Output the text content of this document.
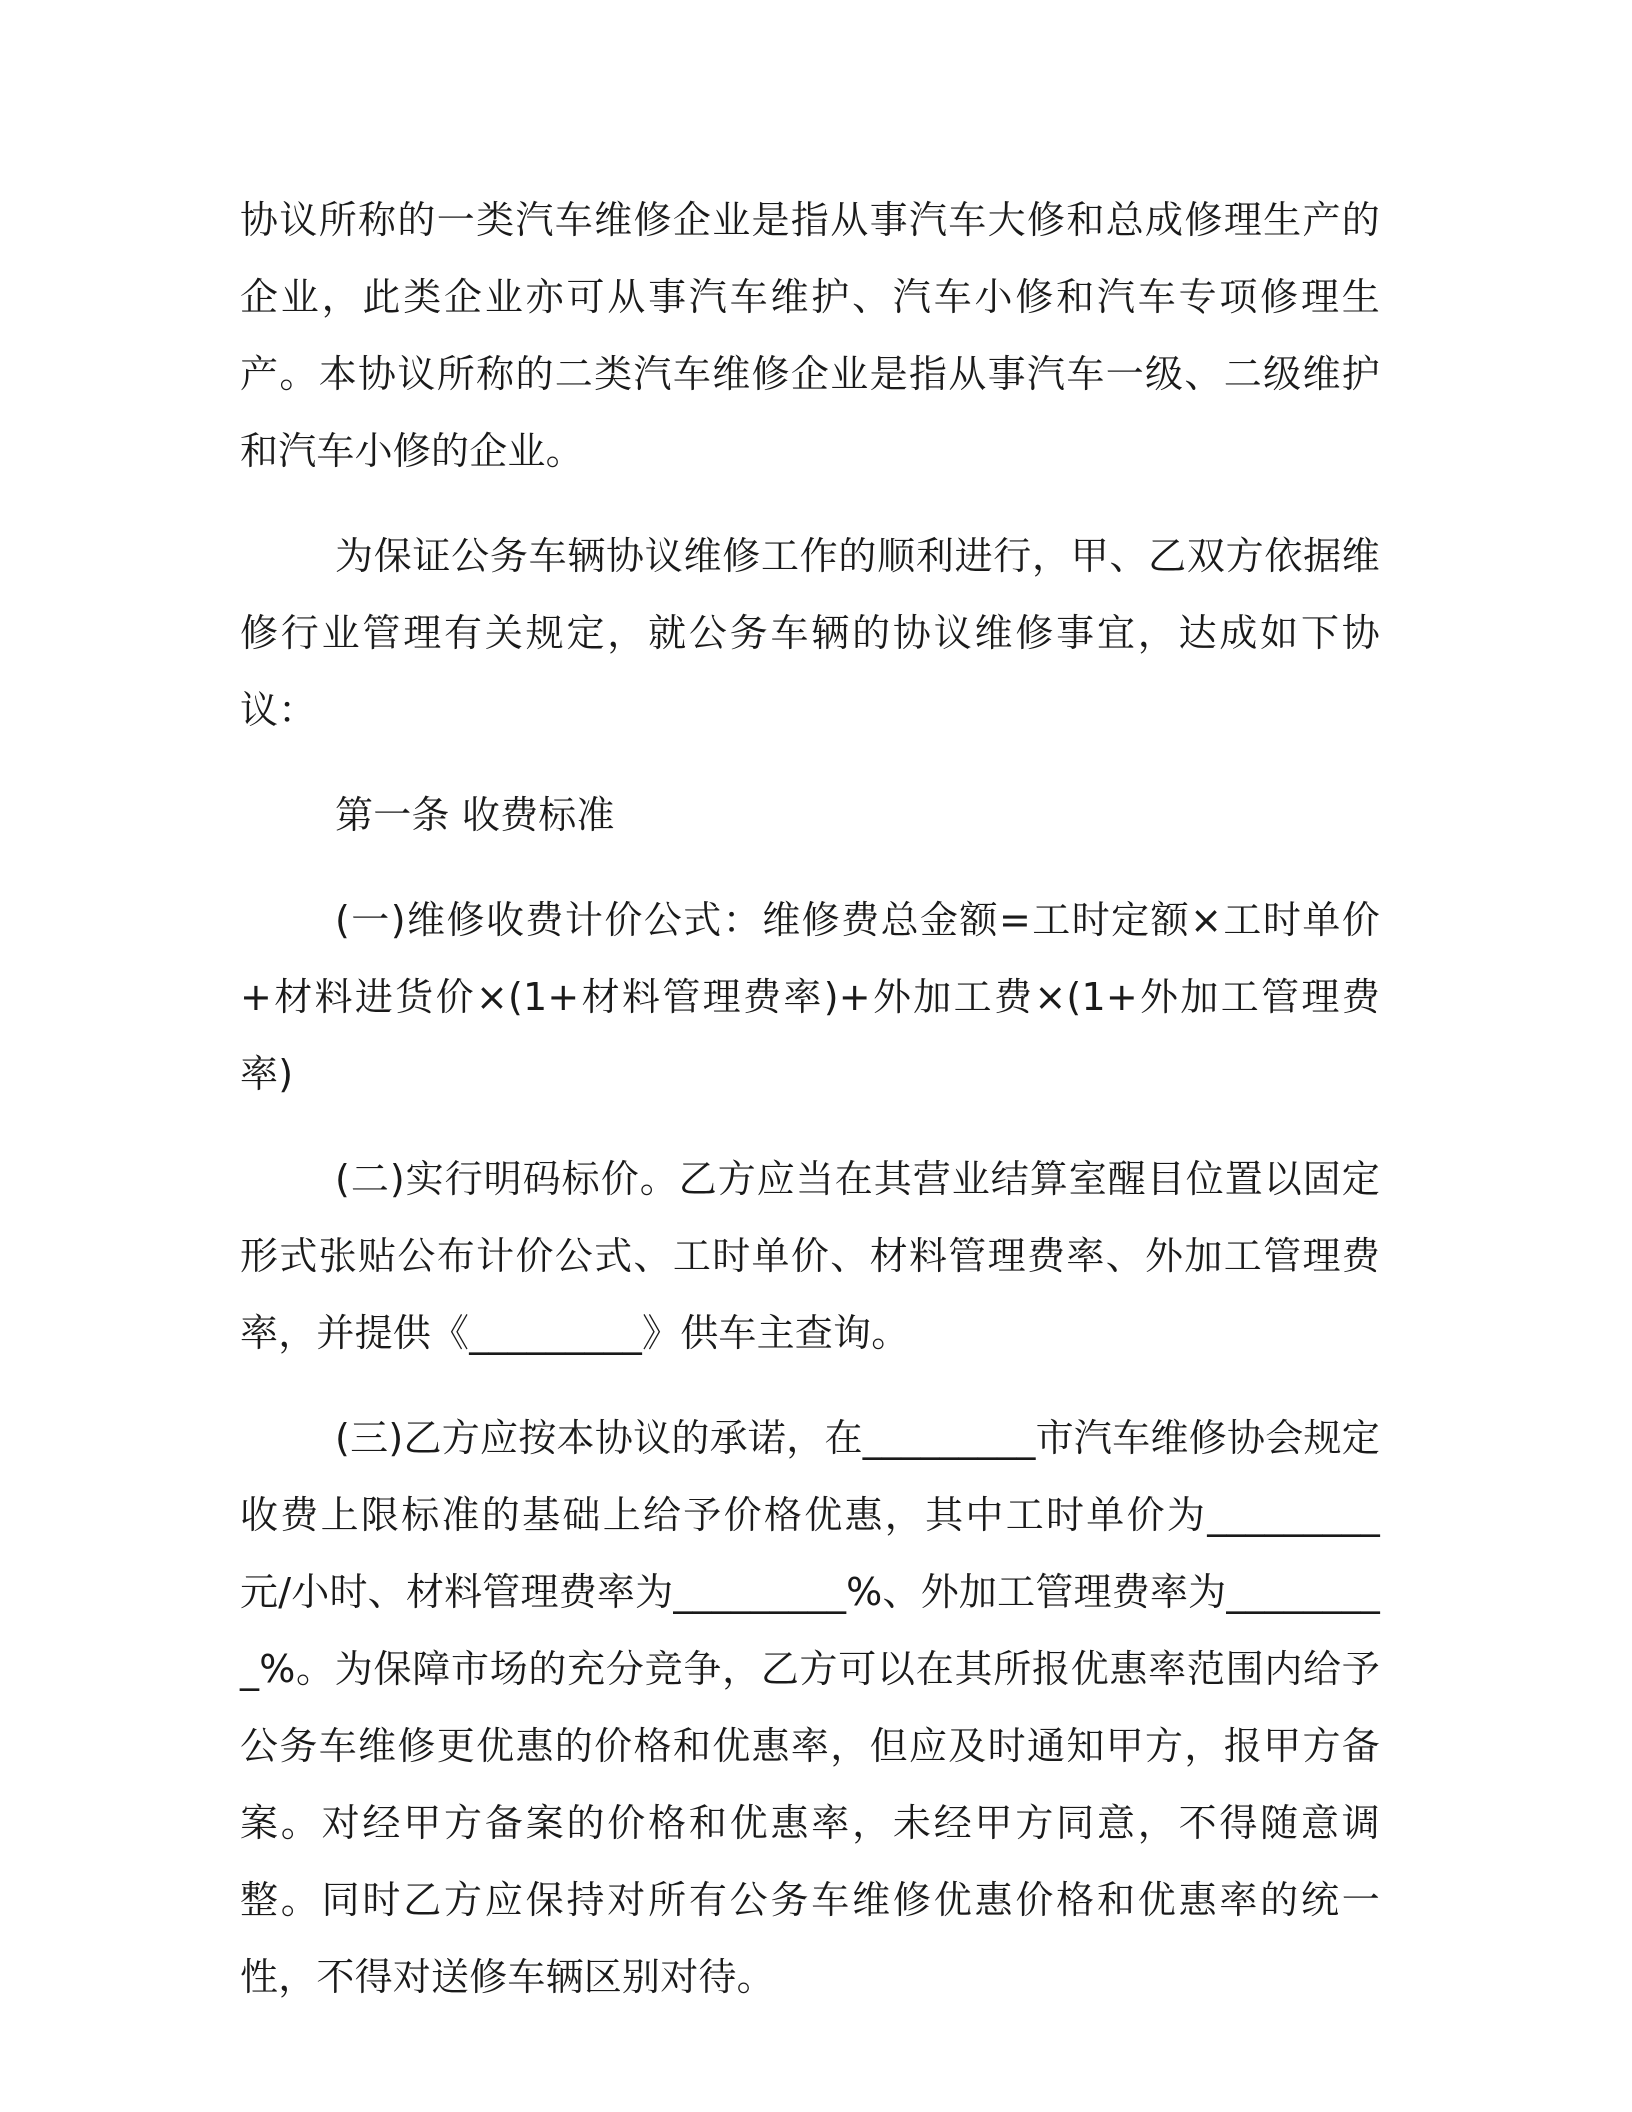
协议所称的一类汽车维修企业是指从事汽车大修和总成修理生产的企业，此类企业亦可从事汽车维护、汽车小修和汽车专项修理生产。本协议所称的二类汽车维修企业是指从事汽车一级、二级维护和汽车小修的企业。

为保证公务车辆协议维修工作的顺利进行，甲、乙双方依据维修行业管理有关规定，就公务车辆的协议维修事宜，达成如下协议：

第一条 收费标准

(一)维修收费计价公式：维修费总金额=工时定额×工时单价+材料进货价×(1+材料管理费率)+外加工费×(1+外加工管理费率)

(二)实行明码标价。乙方应当在其营业结算室醒目位置以固定形式张贴公布计价公式、工时单价、材料管理费率、外加工管理费率，并提供《_________》供车主查询。

(三)乙方应按本协议的承诺，在_________市汽车维修协会规定收费上限标准的基础上给予价格优惠，其中工时单价为_________元/小时、材料管理费率为_________%、外加工管理费率为_________%。为保障市场的充分竞争，乙方可以在其所报优惠率范围内给予公务车维修更优惠的价格和优惠率，但应及时通知甲方，报甲方备案。对经甲方备案的价格和优惠率，未经甲方同意，不得随意调整。同时乙方应保持对所有公务车维修优惠价格和优惠率的统一性，不得对送修车辆区别对待。
